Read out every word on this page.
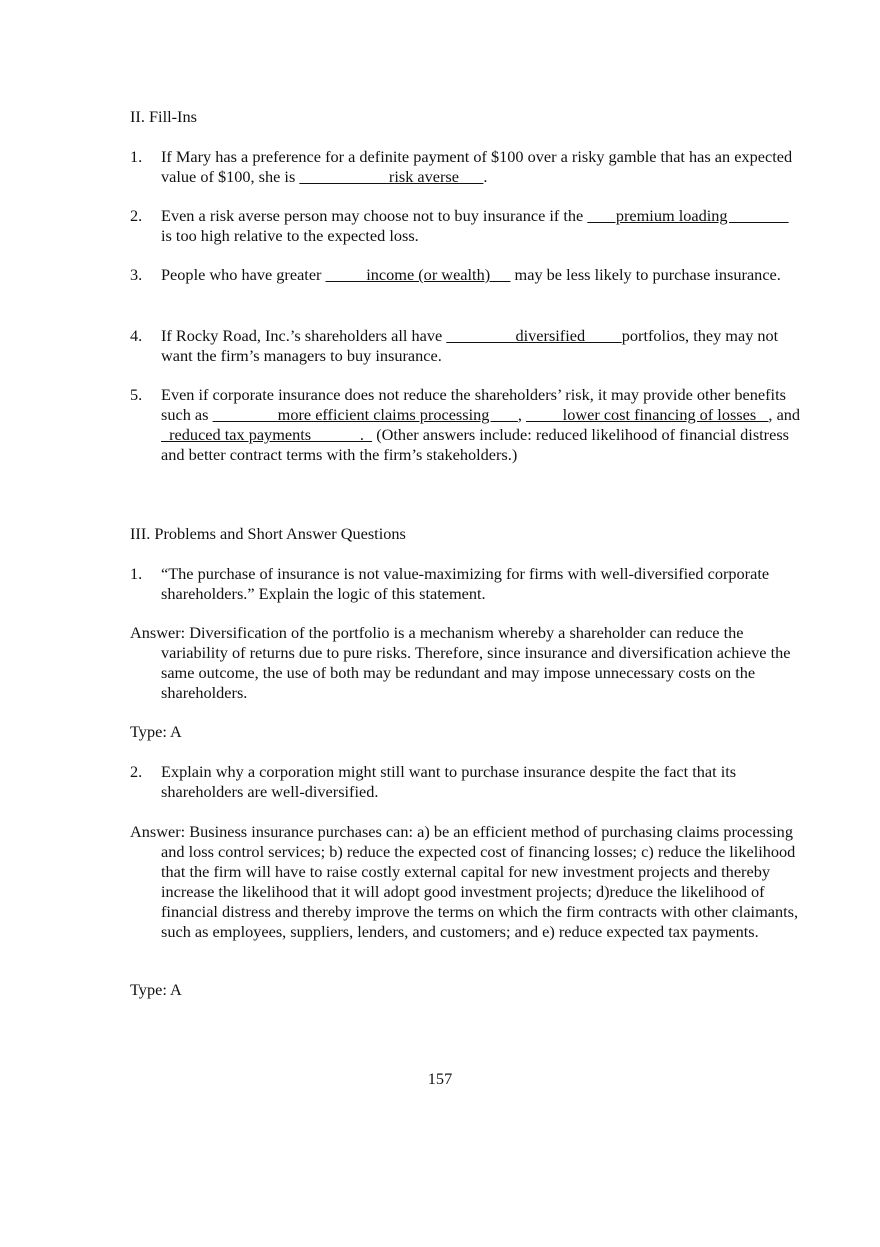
II. Fill-Ins
1. If Mary has a preference for a definite payment of $100 over a risky gamble that has an expected value of $100, she is                       risk averse      .
2. Even a risk averse person may choose not to buy insurance if the        premium loading                is too high relative to the expected loss.
3. People who have greater           income (or wealth)      may be less likely to purchase insurance.
4. If Rocky Road, Inc.’s shareholders all have                  diversified         portfolios, they may not want the firm’s managers to buy insurance.
5. Even if corporate insurance does not reduce the shareholders’ risk, it may provide other benefits such as                 more efficient claims processing       ,          lower cost financing of losses   , and   reduced tax payments            .   (Other answers include: reduced likelihood of financial distress and better contract terms with the firm’s stakeholders.)
III. Problems and Short Answer Questions
1. “The purchase of insurance is not value-maximizing for firms with well-diversified corporate shareholders.” Explain the logic of this statement.
Answer: Diversification of the portfolio is a mechanism whereby a shareholder can reduce the variability of returns due to pure risks. Therefore, since insurance and diversification achieve the same outcome, the use of both may be redundant and may impose unnecessary costs on the shareholders.
Type: A
2. Explain why a corporation might still want to purchase insurance despite the fact that its shareholders are well-diversified.
Answer: Business insurance purchases can: a) be an efficient method of purchasing claims processing and loss control services; b) reduce the expected cost of financing losses; c) reduce the likelihood that the firm will have to raise costly external capital for new investment projects and thereby increase the likelihood that it will adopt good investment projects; d)reduce the likelihood of financial distress and thereby improve the terms on which the firm contracts with other claimants, such as employees, suppliers, lenders, and customers; and e) reduce expected tax payments.
Type: A
157
